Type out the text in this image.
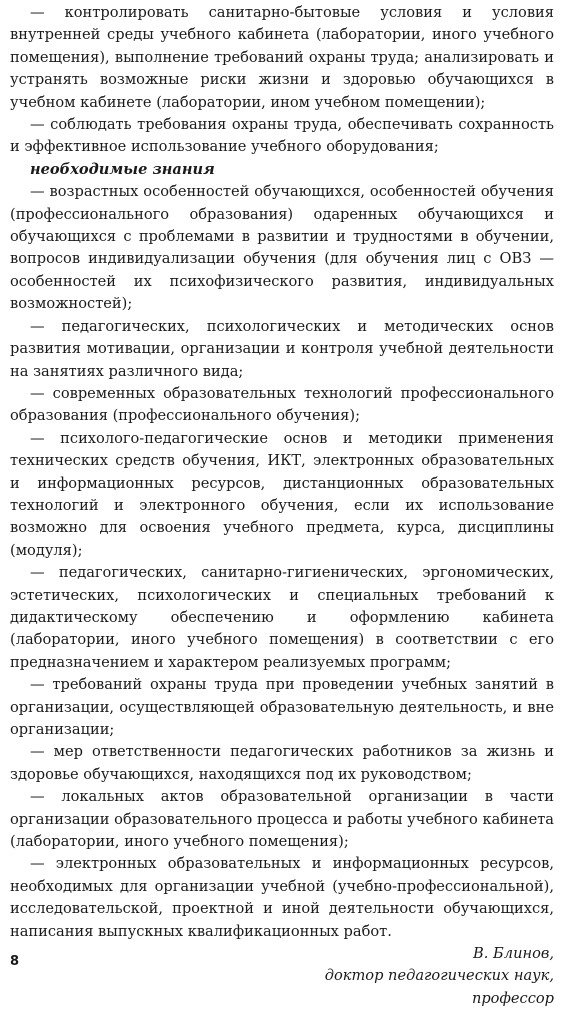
— контролировать санитарно-бытовые условия и условия внутренней среды учебного кабинета (лаборатории, иного учебного помещения), выполнение требований охраны труда; анализировать и устранять возможные риски жизни и здоровью обучающихся в учебном кабинете (лаборатории, ином учебном помещении);

— соблюдать требования охраны труда, обеспечивать сохранность и эффективное использование учебного оборудования;

необходимые знания

— возрастных особенностей обучающихся, особенностей обучения (профессионального образования) одаренных обучающихся и обучающихся с проблемами в развитии и трудностями в обучении, вопросов индивидуализации обучения (для обучения лиц с ОВЗ — особенностей их психофизического развития, индивидуальных возможностей);

— педагогических, психологических и методических основ развития мотивации, организации и контроля учебной деятельности на занятиях различного вида;

— современных образовательных технологий профессионального образования (профессионального обучения);

— психолого-педагогические основ и методики применения технических средств обучения, ИКТ, электронных образовательных и информационных ресурсов, дистанционных образовательных технологий и электронного обучения, если их использование возможно для освоения учебного предмета, курса, дисциплины (модуля);

— педагогических, санитарно-гигиенических, эргономических, эстетических, психологических и специальных требований к дидактическому обеспечению и оформлению кабинета (лаборатории, иного учебного помещения) в соответствии с его предназначением и характером реализуемых программ;

— требований охраны труда при проведении учебных занятий в организации, осуществляющей образовательную деятельность, и вне организации;

— мер ответственности педагогических работников за жизнь и здоровье обучающихся, находящихся под их руководством;

— локальных актов образовательной организации в части организации образовательного процесса и работы учебного кабинета (лаборатории, иного учебного помещения);

— электронных образовательных и информационных ресурсов, необходимых для организации учебной (учебно-профессиональной), исследовательской, проектной и иной деятельности обучающихся, написания выпускных квалификационных работ.

В. Блинов,

доктор педагогических наук,

профессор

8
